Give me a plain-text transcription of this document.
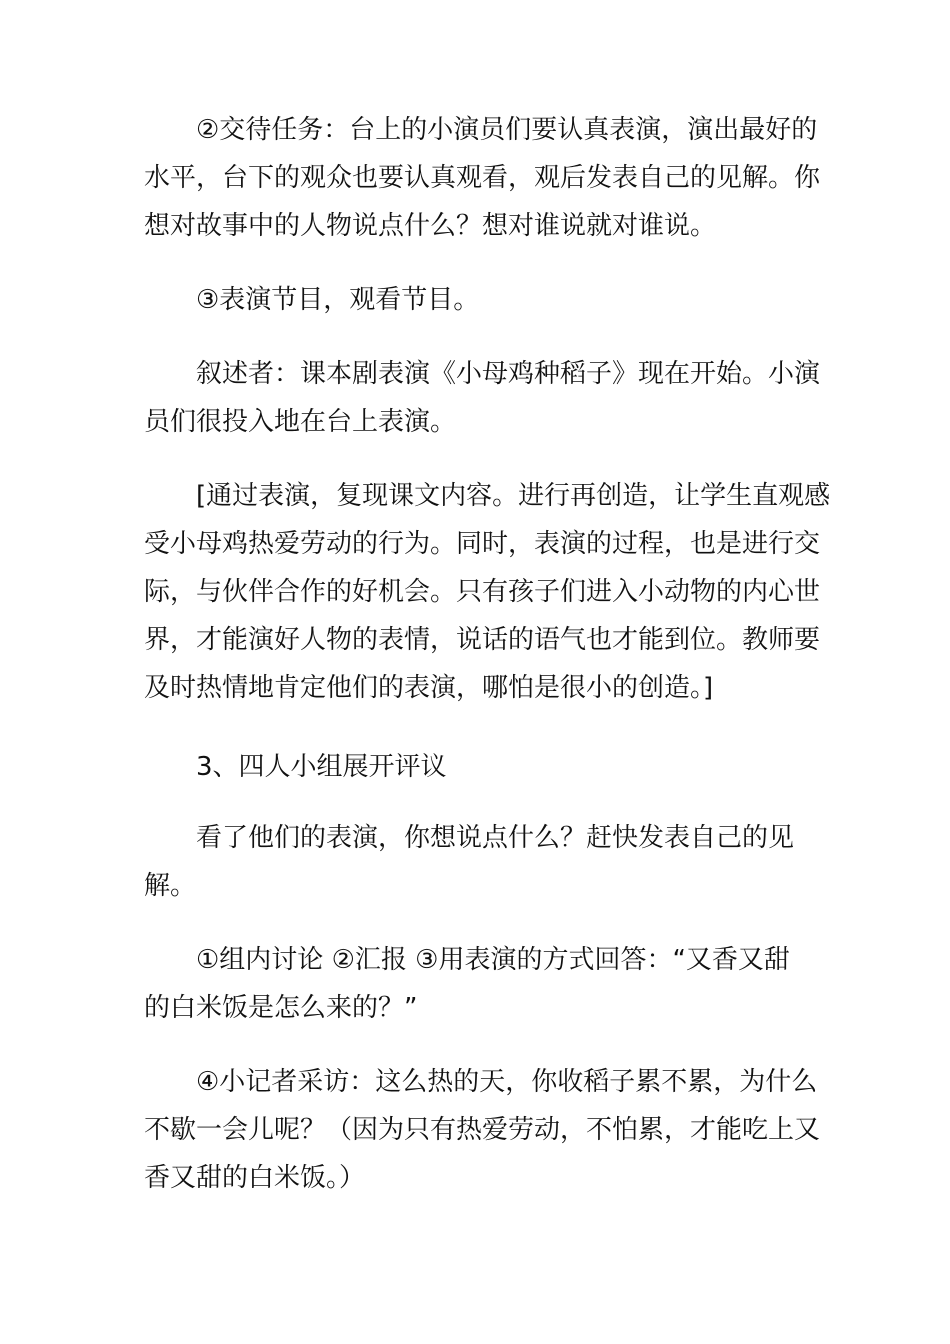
②交待任务：台上的小演员们要认真表演，演出最好的
水平，台下的观众也要认真观看，观后发表自己的见解。你
想对故事中的人物说点什么？想对谁说就对谁说。
③表演节目，观看节目。
叙述者：课本剧表演《小母鸡种稻子》现在开始。小演
员们很投入地在台上表演。
[通过表演，复现课文内容。进行再创造，让学生直观感
受小母鸡热爱劳动的行为。同时，表演的过程，也是进行交
际，与伙伴合作的好机会。只有孩子们进入小动物的内心世
界，才能演好人物的表情，说话的语气也才能到位。教师要
及时热情地肯定他们的表演，哪怕是很小的创造。]
3、四人小组展开评议
看了他们的表演，你想说点什么？赶快发表自己的见
解。
①组内讨论 ②汇报 ③用表演的方式回答：“又香又甜
的白米饭是怎么来的？”
④小记者采访：这么热的天，你收稻子累不累，为什么
不歇一会儿呢？（因为只有热爱劳动，不怕累，才能吃上又
香又甜的白米饭。）
